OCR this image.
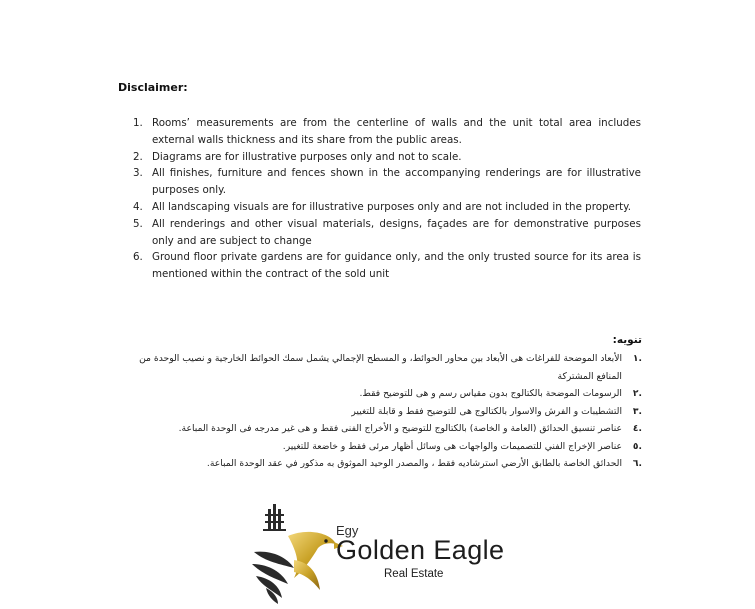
Disclaimer:
1. Rooms’ measurements are from the centerline of walls and the unit total area includes external walls thickness and its share from the public areas.
2. Diagrams are for illustrative purposes only and not to scale.
3. All finishes, furniture and fences shown in the accompanying renderings are for illustrative purposes only.
4. All landscaping visuals are for illustrative purposes only and are not included in the property.
5. All renderings and other visual materials, designs, façades are for demonstrative purposes only and are subject to change
6. Ground floor private gardens are for guidance only, and the only trusted source for its area is mentioned within the contract of the sold unit
تنويه:
.١
الأبعاد الموضحة للفراغات هى الأبعاد بين محاور الحوائط، و المسطح الإجمالي يشمل سمك الحوائط الخارجية و نصيب الوحدة من المنافع المشتركة
.٢
الرسومات الموضحة بالكتالوج بدون مقياس رسم و هى للتوضيح فقط.
.٣
التشطيبات و الفرش والاسوار بالكتالوج هى للتوضيح فقط و قابلة للتغيير
.٤
عناصر تنسيق الحدائق (العامة و الخاصة) بالكتالوج للتوضيح و الأخراج الفنى فقط و هى غير مدرجه فى الوحدة المباعة.
.٥
عناصر الإخراج الفني للتصميمات والواجهات هى وسائل أظهار مرئى فقط و خاضعة للتغيير.
.٦
الحدائق الخاصة بالطابق الأرضي استرشاديه فقط ، والمصدر الوحيد الموثوق به مذكور في عقد الوحدة المباعة.
Egy
Golden Eagle
Real Estate
